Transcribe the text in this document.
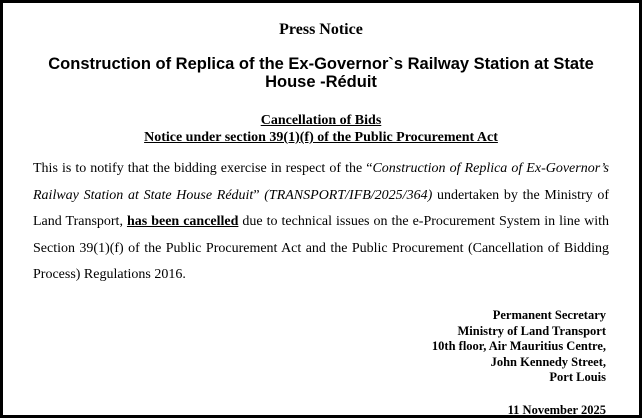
Press Notice
Construction of Replica of the Ex-Governor`s Railway Station at State House -Réduit
Cancellation of Bids
Notice under section 39(1)(f) of the Public Procurement Act
This is to notify that the bidding exercise in respect of the “Construction of Replica of Ex-Governor’s Railway Station at State House Réduit” (TRANSPORT/IFB/2025/364) undertaken by the Ministry of Land Transport, has been cancelled due to technical issues on the e-Procurement System in line with Section 39(1)(f) of the Public Procurement Act and the Public Procurement (Cancellation of Bidding Process) Regulations 2016.
Permanent Secretary
Ministry of Land Transport
10th floor, Air Mauritius Centre,
John Kennedy Street,
Port Louis
11 November 2025
